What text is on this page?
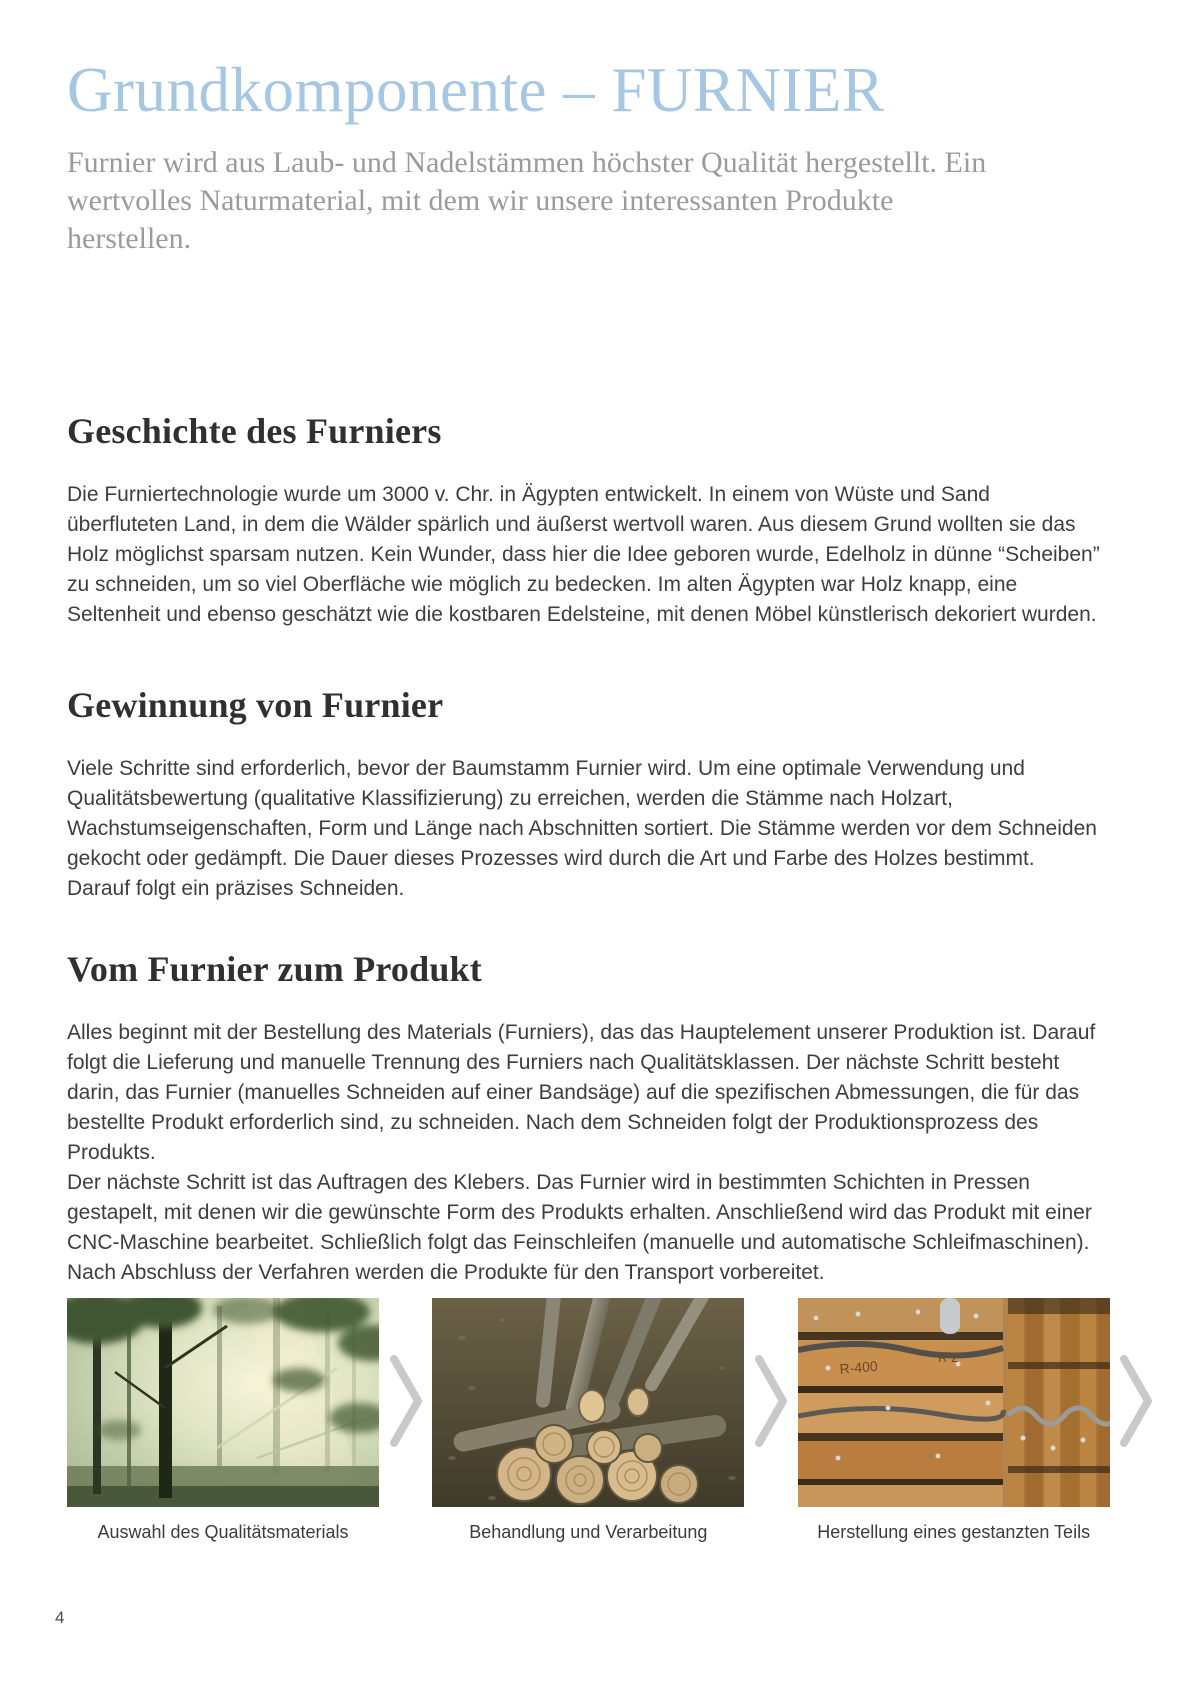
Grundkomponente – FURNIER

Furnier wird aus Laub- und Nadelstämmen höchster Qualität hergestellt. Ein wertvolles Naturmaterial, mit dem wir unsere interessanten Produkte herstellen.

Geschichte des Furniers

Die Furniertechnologie wurde um 3000 v. Chr. in Ägypten entwickelt. In einem von Wüste und Sand überfluteten Land, in dem die Wälder spärlich und äußerst wertvoll waren. Aus diesem Grund wollten sie das Holz möglichst sparsam nutzen. Kein Wunder, dass hier die Idee geboren wurde, Edelholz in dünne “Scheiben” zu schneiden, um so viel Oberfläche wie möglich zu bedecken. Im alten Ägypten war Holz knapp, eine Seltenheit und ebenso geschätzt wie die kostbaren Edelsteine, mit denen Möbel künstlerisch dekoriert wurden.

Gewinnung von Furnier

Viele Schritte sind erforderlich, bevor der Baumstamm Furnier wird. Um eine optimale Verwendung und Qualitätsbewertung (qualitative Klassifizierung) zu erreichen, werden die Stämme nach Holzart, Wachstumseigenschaften, Form und Länge nach Abschnitten sortiert. Die Stämme werden vor dem Schneiden gekocht oder gedämpft. Die Dauer dieses Prozesses wird durch die Art und Farbe des Holzes bestimmt. Darauf folgt ein präzises Schneiden.

Vom Furnier zum Produkt

Alles beginnt mit der Bestellung des Materials (Furniers), das das Hauptelement unserer Produktion ist. Darauf folgt die Lieferung und manuelle Trennung des Furniers nach Qualitätsklassen. Der nächste Schritt besteht darin, das Furnier (manuelles Schneiden auf einer Bandsäge) auf die spezifischen Abmessungen, die für das bestellte Produkt erforderlich sind, zu schneiden. Nach dem Schneiden folgt der Produktionsprozess des Produkts.

Der nächste Schritt ist das Auftragen des Klebers. Das Furnier wird in bestimmten Schichten in Pressen gestapelt, mit denen wir die gewünschte Form des Produkts erhalten. Anschließend wird das Produkt mit einer CNC-Maschine bearbeitet. Schließlich folgt das Feinschleifen (manuelle und automatische Schleifmaschinen). Nach Abschluss der Verfahren werden die Produkte für den Transport vorbereitet.

Auswahl des Qualitätsmaterials	Behandlung und Verarbeitung
R-400
R 2
Herstellung eines gestanzten Teils
4
